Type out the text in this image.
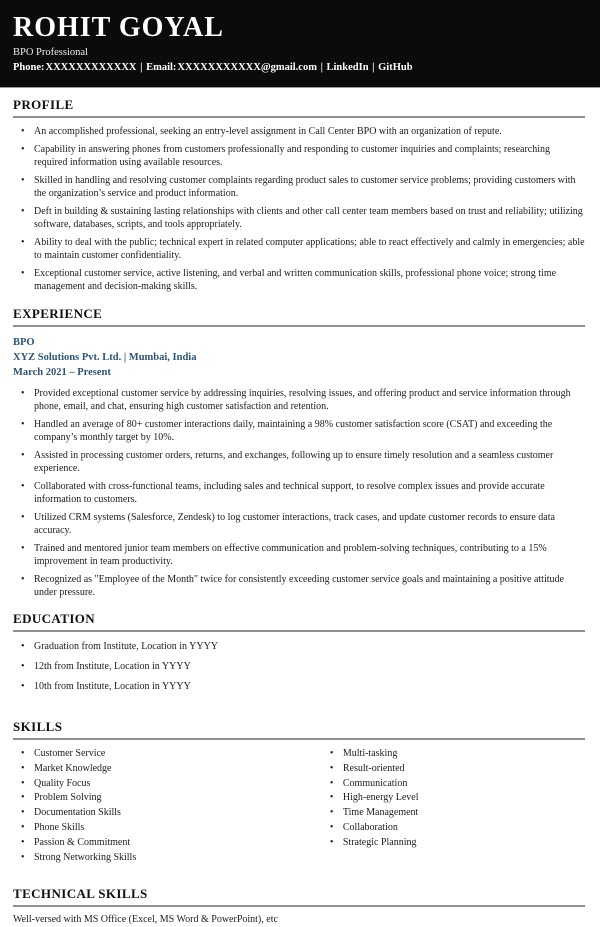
ROHIT GOYAL
BPO Professional
Phone:XXXXXXXXXXXX | Email:XXXXXXXXXXX@gmail.com | LinkedIn | GitHub
PROFILE
• An accomplished professional, seeking an entry-level assignment in Call Center BPO with an organization of repute.
• Capability in answering phones from customers professionally and responding to customer inquiries and complaints; researching required information using available resources.
• Skilled in handling and resolving customer complaints regarding product sales to customer service problems; providing customers with the organization’s service and product information.
• Deft in building & sustaining lasting relationships with clients and other call center team members based on trust and reliability; utilizing software, databases, scripts, and tools appropriately.
• Ability to deal with the public; technical expert in related computer applications; able to react effectively and calmly in emergencies; able to maintain customer confidentiality.
• Exceptional customer service, active listening, and verbal and written communication skills, professional phone voice; strong time management and decision-making skills.
EXPERIENCE
BPO
XYZ Solutions Pvt. Ltd. | Mumbai, India
March 2021 – Present
• Provided exceptional customer service by addressing inquiries, resolving issues, and offering product and service information through phone, email, and chat, ensuring high customer satisfaction and retention.
• Handled an average of 80+ customer interactions daily, maintaining a 98% customer satisfaction score (CSAT) and exceeding the company’s monthly target by 10%.
• Assisted in processing customer orders, returns, and exchanges, following up to ensure timely resolution and a seamless customer experience.
• Collaborated with cross-functional teams, including sales and technical support, to resolve complex issues and provide accurate information to customers.
• Utilized CRM systems (Salesforce, Zendesk) to log customer interactions, track cases, and update customer records to ensure data accuracy.
• Trained and mentored junior team members on effective communication and problem-solving techniques, contributing to a 15% improvement in team productivity.
• Recognized as "Employee of the Month" twice for consistently exceeding customer service goals and maintaining a positive attitude under pressure.
EDUCATION
• Graduation from Institute, Location in YYYY
• 12th from Institute, Location in YYYY
• 10th from Institute, Location in YYYY
SKILLS
• Customer Service
• Market Knowledge
• Quality Focus
• Problem Solving
• Documentation Skills
• Phone Skills
• Passion & Commitment
• Strong Networking Skills
• Multi-tasking
• Result-oriented
• Communication
• High-energy Level
• Time Management
• Collaboration
• Strategic Planning
TECHNICAL SKILLS

Well-versed with MS Office (Excel, MS Word & PowerPoint), etc
